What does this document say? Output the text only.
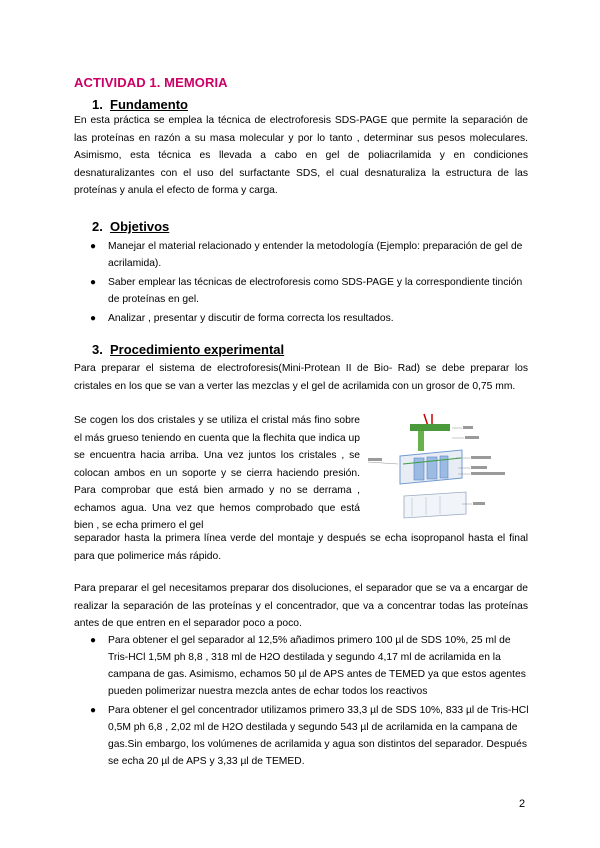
ACTIVIDAD 1. MEMORIA
1. Fundamento

En esta práctica se emplea la técnica de electroforesis SDS-PAGE que permite la separación de las proteínas en razón a su masa molecular y por lo tanto , determinar sus pesos moleculares. Asimismo, esta técnica es llevada a cabo en gel de poliacrilamida y en condiciones desnaturalizantes con el uso del surfactante SDS, el cual desnaturaliza la estructura de las proteínas y anula el efecto de forma y carga.

2. Objetivos
● Manejar el material relacionado y entender la metodología (Ejemplo: preparación de gel de acrilamida).
● Saber emplear las técnicas de electroforesis como SDS-PAGE y la correspondiente tinción de proteínas en gel.
● Analizar , presentar y discutir de forma correcta los resultados.
3. Procedimiento experimental

Para preparar el sistema de electroforesis(Mini-Protean II de Bio- Rad) se debe preparar los cristales en los que se van a verter las mezclas y el gel de acrilamida con un grosor de 0,75 mm.

Se cogen los dos cristales y se utiliza el cristal más fino sobre el más grueso teniendo en cuenta que la flechita que indica up se encuentra hacia arriba. Una vez juntos los cristales , se colocan ambos en un soporte y se cierra haciendo presión. Para comprobar que está bien armado y no se derrama , echamos agua. Una vez que hemos comprobado que está bien , se echa primero el gel

separador hasta la primera línea verde del montaje y después se echa isopropanol hasta el final para que polimerice más rápido.

Para preparar el gel necesitamos preparar dos disoluciones, el separador que se va a encargar de realizar la separación de las proteínas y el concentrador, que va a concentrar todas las proteínas antes de que entren en el separador poco a poco.

● Para obtener el gel separador al 12,5% añadimos primero 100 µl de SDS 10%, 25 ml de Tris-HCl 1,5M ph 8,8 , 318 ml de H2O destilada y segundo 4,17 ml de acrilamida en la campana de gas. Asimismo, echamos 50 µl de APS antes de TEMED ya que estos agentes pueden polimerizar nuestra mezcla antes de echar todos los reactivos
● Para obtener el gel concentrador utilizamos primero 33,3 µl de SDS 10%, 833 µl de Tris-HCl 0,5M ph 6,8 , 2,02 ml de H2O destilada y segundo 543 µl de acrilamida en la campana de gas.Sin embargo, los volúmenes de acrilamida y agua son distintos del separador. Después se echa 20 µl de APS y 3,33 µl de TEMED.
2
